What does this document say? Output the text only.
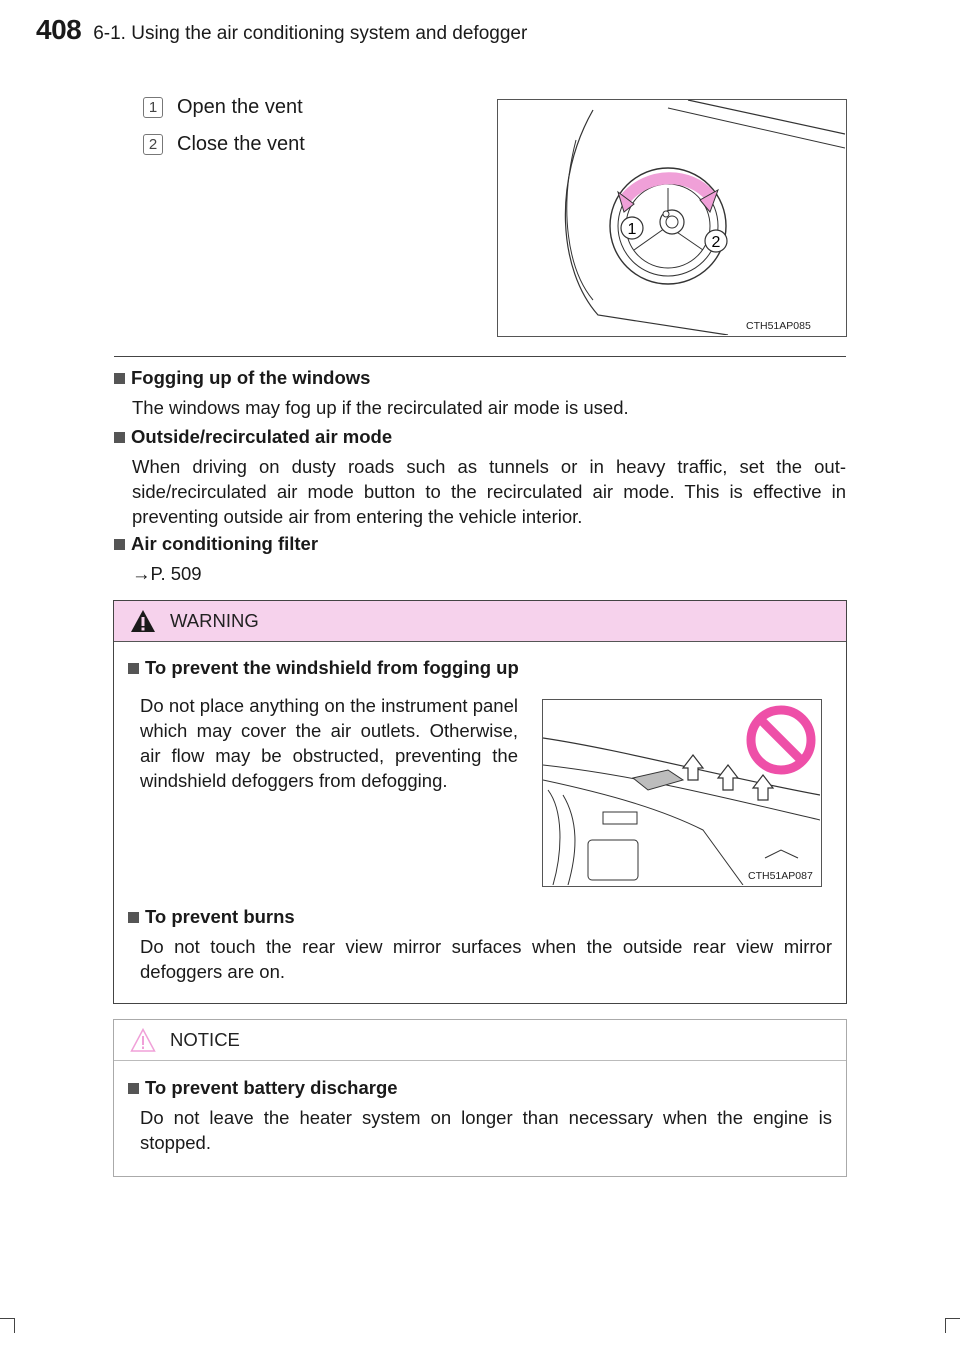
408 6-1. Using the air conditioning system and defogger
1 Open the vent
2 Close the vent
1
2
CTH51AP085
Fogging up of the windows
The windows may fog up if the recirculated air mode is used.
Outside/recirculated air mode
When driving on dusty roads such as tunnels or in heavy traffic, set the out-side/recirculated air mode button to the recirculated air mode. This is effective in preventing outside air from entering the vehicle interior.
Air conditioning filter
→P. 509
WARNING
To prevent the windshield from fogging up
Do not place anything on the instrument panel which may cover the air outlets. Otherwise, air flow may be obstructed, preventing the windshield defoggers from defogging.
CTH51AP087
To prevent burns
Do not touch the rear view mirror surfaces when the outside rear view mirror defoggers are on.
NOTICE
To prevent battery discharge
Do not leave the heater system on longer than necessary when the engine is stopped.
